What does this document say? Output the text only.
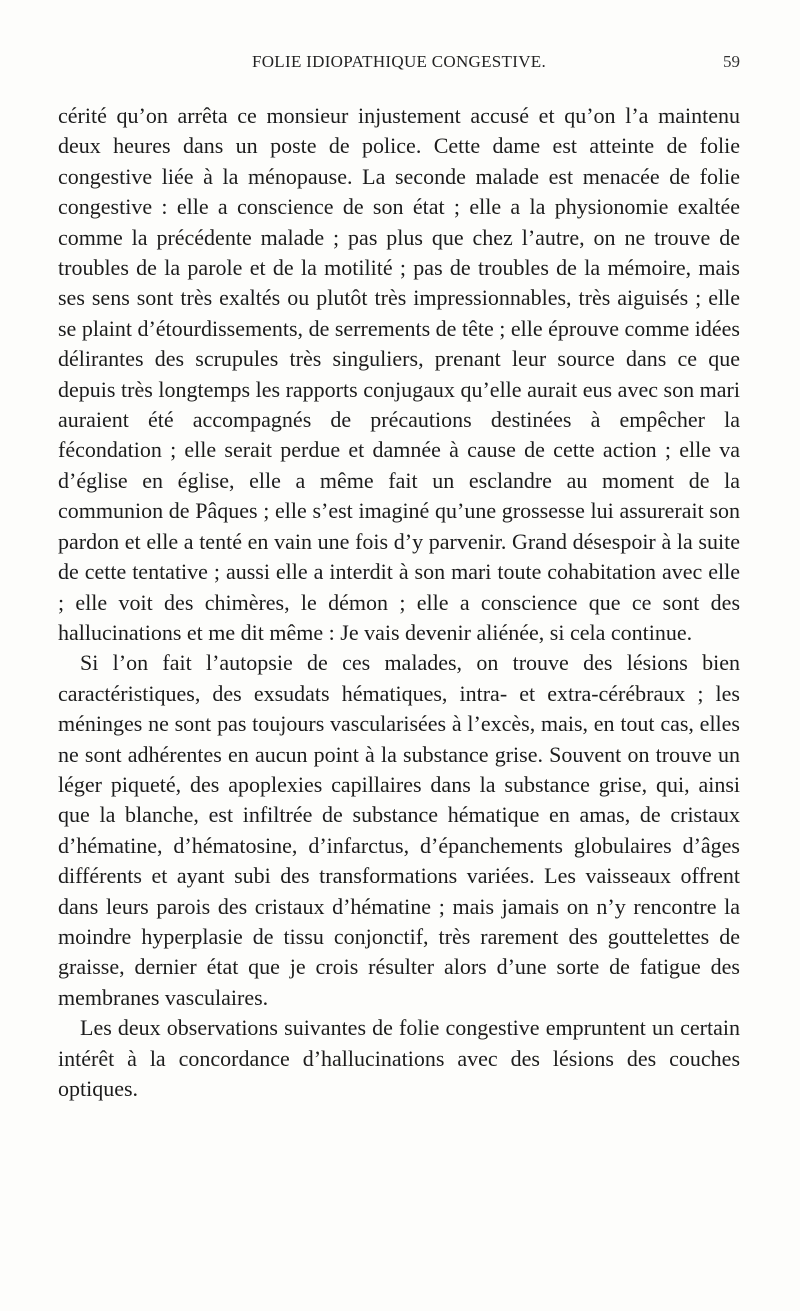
FOLIE IDIOPATHIQUE CONGESTIVE.	59

cérité qu’on arrêta ce monsieur injustement accusé et qu’on l’a maintenu deux heures dans un poste de police. Cette dame est atteinte de folie congestive liée à la ménopause. La seconde malade est menacée de folie congestive : elle a conscience de son état ; elle a la physionomie exaltée comme la précédente malade ; pas plus que chez l’autre, on ne trouve de troubles de la parole et de la motilité ; pas de troubles de la mémoire, mais ses sens sont très exaltés ou plutôt très impressionnables, très aiguisés ; elle se plaint d’étourdissements, de serrements de tête ; elle éprouve comme idées délirantes des scrupules très singuliers, prenant leur source dans ce que depuis très longtemps les rapports conjugaux qu’elle aurait eus avec son mari auraient été accompagnés de précautions destinées à empêcher la fécondation ; elle serait perdue et damnée à cause de cette action ; elle va d’église en église, elle a même fait un esclandre au moment de la communion de Pâques ; elle s’est imaginé qu’une grossesse lui assurerait son pardon et elle a tenté en vain une fois d’y parvenir. Grand désespoir à la suite de cette tentative ; aussi elle a interdit à son mari toute cohabitation avec elle ; elle voit des chimères, le démon ; elle a conscience que ce sont des hallucinations et me dit même : Je vais devenir aliénée, si cela continue.

Si l’on fait l’autopsie de ces malades, on trouve des lésions bien caractéristiques, des exsudats hématiques, intra- et extra-cérébraux ; les méninges ne sont pas toujours vascularisées à l’excès, mais, en tout cas, elles ne sont adhérentes en aucun point à la substance grise. Souvent on trouve un léger piqueté, des apoplexies capillaires dans la substance grise, qui, ainsi que la blanche, est infiltrée de substance hématique en amas, de cristaux d’hématine, d’hématosine, d’infarctus, d’épanchements globulaires d’âges différents et ayant subi des transformations variées. Les vaisseaux offrent dans leurs parois des cristaux d’hématine ; mais jamais on n’y rencontre la moindre hyperplasie de tissu conjonctif, très rarement des gouttelettes de graisse, dernier état que je crois résulter alors d’une sorte de fatigue des membranes vasculaires.

Les deux observations suivantes de folie congestive empruntent un certain intérêt à la concordance d’hallucinations avec des lésions des couches optiques.
